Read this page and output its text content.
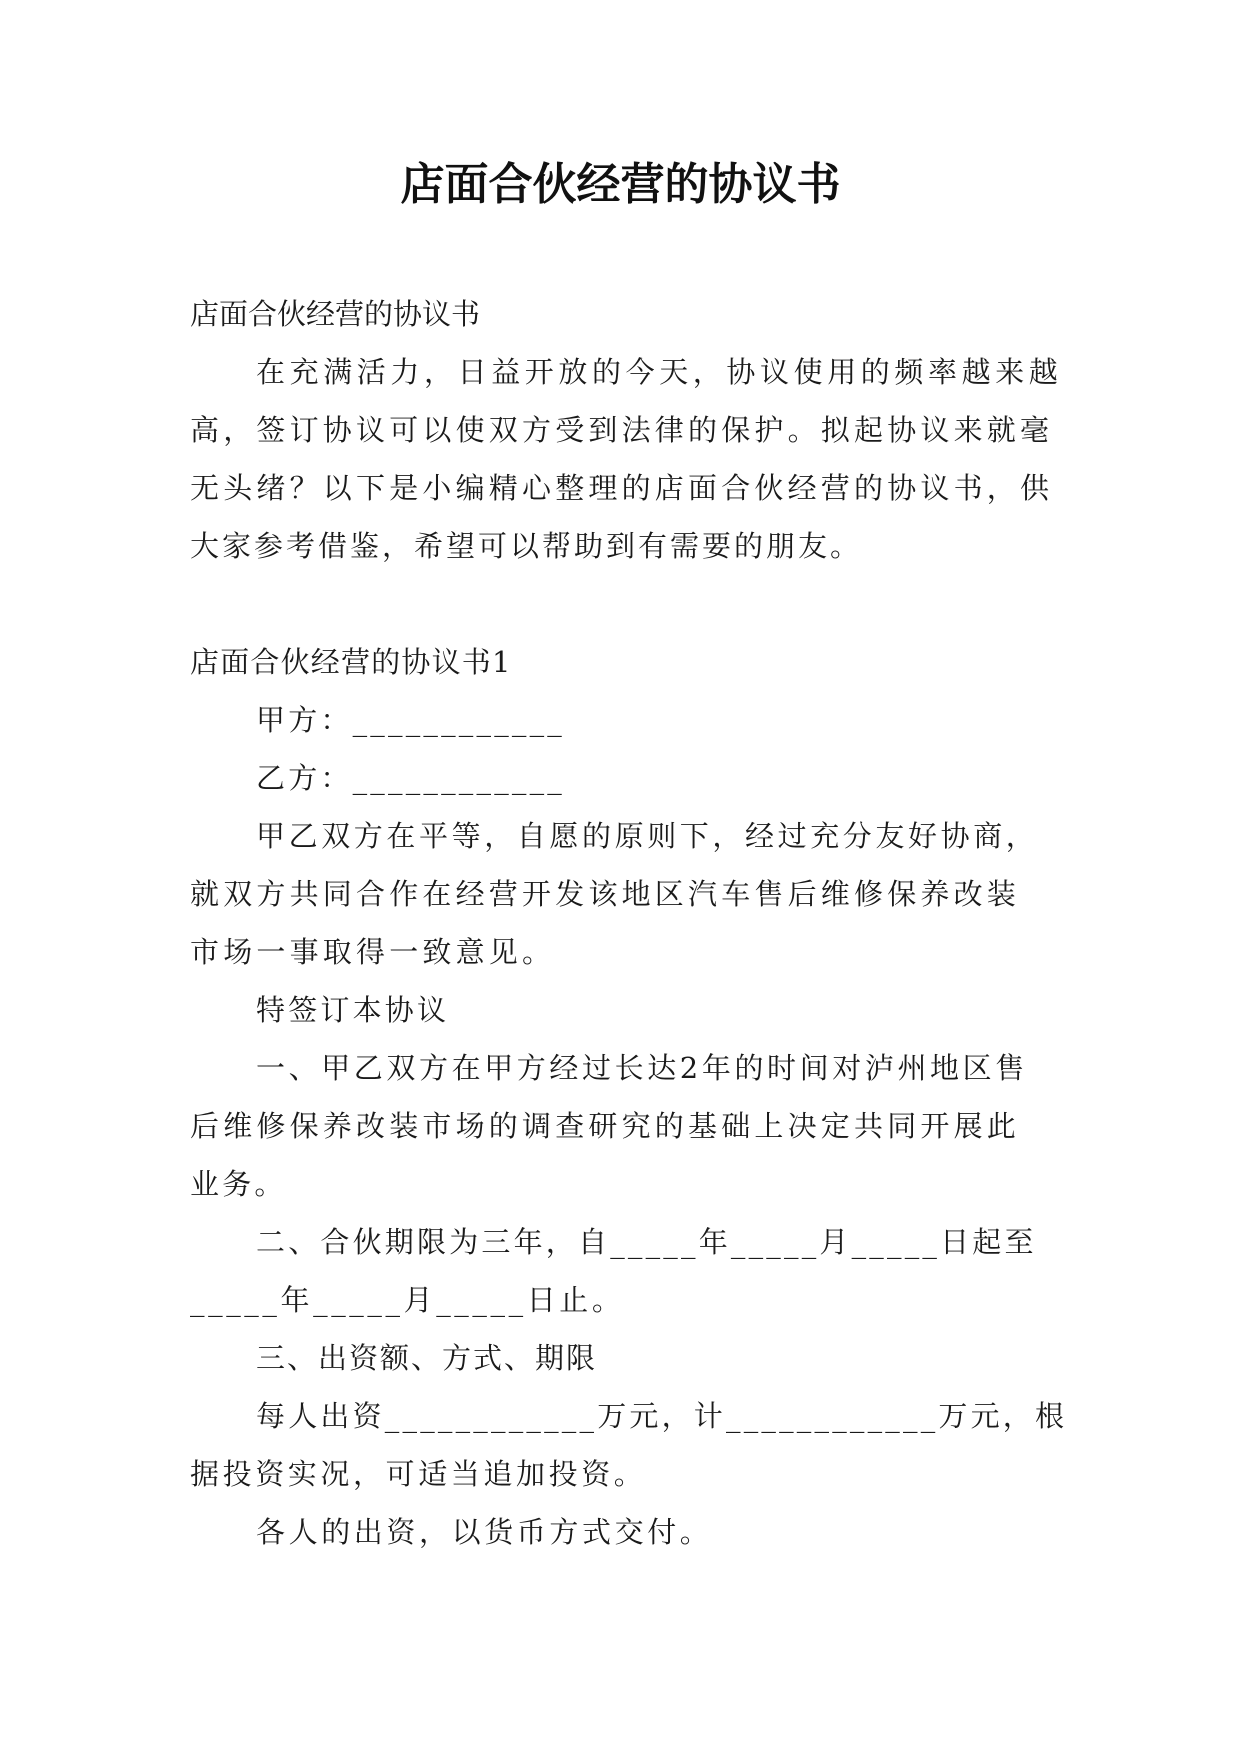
店面合伙经营的协议书

店面合伙经营的协议书

在充满活力，日益开放的今天，协议使用的频率越来越

高，签订协议可以使双方受到法律的保护。拟起协议来就毫

无头绪？以下是小编精心整理的店面合伙经营的协议书，供

大家参考借鉴，希望可以帮助到有需要的朋友。

店面合伙经营的协议书1

甲方：____________

乙方：____________

甲乙双方在平等，自愿的原则下，经过充分友好协商，

就双方共同合作在经营开发该地区汽车售后维修保养改装

市场一事取得一致意见。

特签订本协议

一、甲乙双方在甲方经过长达2年的时间对泸州地区售

后维修保养改装市场的调查研究的基础上决定共同开展此

业务。

二、合伙期限为三年，自_____年_____月_____日起至

_____年_____月_____日止。

三、出资额、方式、期限

每人出资____________万元，计____________万元，根

据投资实况，可适当追加投资。

各人的出资，以货币方式交付。
